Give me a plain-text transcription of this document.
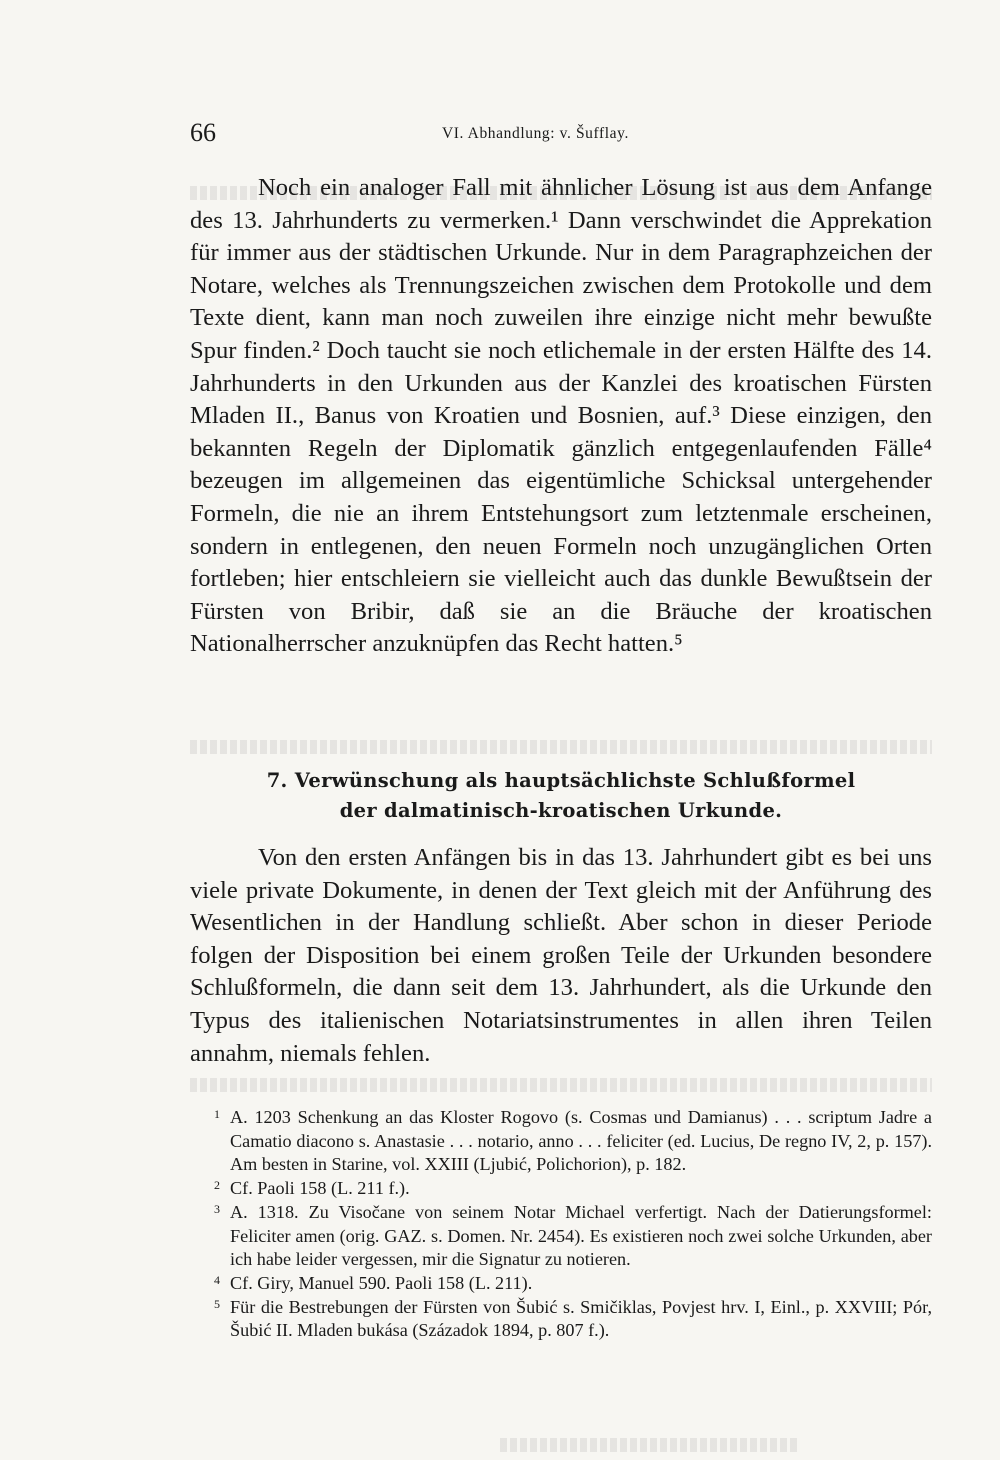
66	VI. Abhandlung: v. Šufflay.

Noch ein analoger Fall mit ähnlicher Lösung ist aus dem Anfange des 13. Jahrhunderts zu vermerken.¹ Dann verschwindet die Apprekation für immer aus der städtischen Urkunde. Nur in dem Paragraphzeichen der Notare, welches als Trennungszeichen zwischen dem Protokolle und dem Texte dient, kann man noch zuweilen ihre einzige nicht mehr bewußte Spur finden.² Doch taucht sie noch etlichemale in der ersten Hälfte des 14. Jahrhunderts in den Urkunden aus der Kanzlei des kroatischen Fürsten Mladen II., Banus von Kroatien und Bosnien, auf.³ Diese einzigen, den bekannten Regeln der Diplomatik gänzlich entgegenlaufenden Fälle⁴ bezeugen im allgemeinen das eigentümliche Schicksal untergehender Formeln, die nie an ihrem Entstehungsort zum letztenmale erscheinen, sondern in entlegenen, den neuen Formeln noch unzugänglichen Orten fortleben; hier entschleiern sie vielleicht auch das dunkle Bewußtsein der Fürsten von Bribir, daß sie an die Bräuche der kroatischen Nationalherrscher anzuknüpfen das Recht hatten.⁵

7. Verwünschung als hauptsächlichste Schlußformel
der dalmatinisch-kroatischen Urkunde.

Von den ersten Anfängen bis in das 13. Jahrhundert gibt es bei uns viele private Dokumente, in denen der Text gleich mit der Anführung des Wesentlichen in der Handlung schließt. Aber schon in dieser Periode folgen der Disposition bei einem großen Teile der Urkunden besondere Schlußformeln, die dann seit dem 13. Jahrhundert, als die Urkunde den Typus des italienischen Notariatsinstrumentes in allen ihren Teilen annahm, niemals fehlen.

1 A. 1203 Schenkung an das Kloster Rogovo (s. Cosmas und Damianus) . . . scriptum Jadre a Camatio diacono s. Anastasie . . . notario, anno . . . feliciter (ed. Lucius, De regno IV, 2, p. 157). Am besten in Starine, vol. XXIII (Ljubić, Polichorion), p. 182.
2 Cf. Paoli 158 (L. 211 f.).
3 A. 1318. Zu Visočane von seinem Notar Michael verfertigt. Nach der Datierungsformel: Feliciter amen (orig. GAZ. s. Domen. Nr. 2454). Es existieren noch zwei solche Urkunden, aber ich habe leider vergessen, mir die Signatur zu notieren.
4 Cf. Giry, Manuel 590. Paoli 158 (L. 211).
5 Für die Bestrebungen der Fürsten von Šubić s. Smičiklas, Povjest hrv. I, Einl., p. XXVIII; Pór, Šubić II. Mladen bukása (Századok 1894, p. 807 f.).
